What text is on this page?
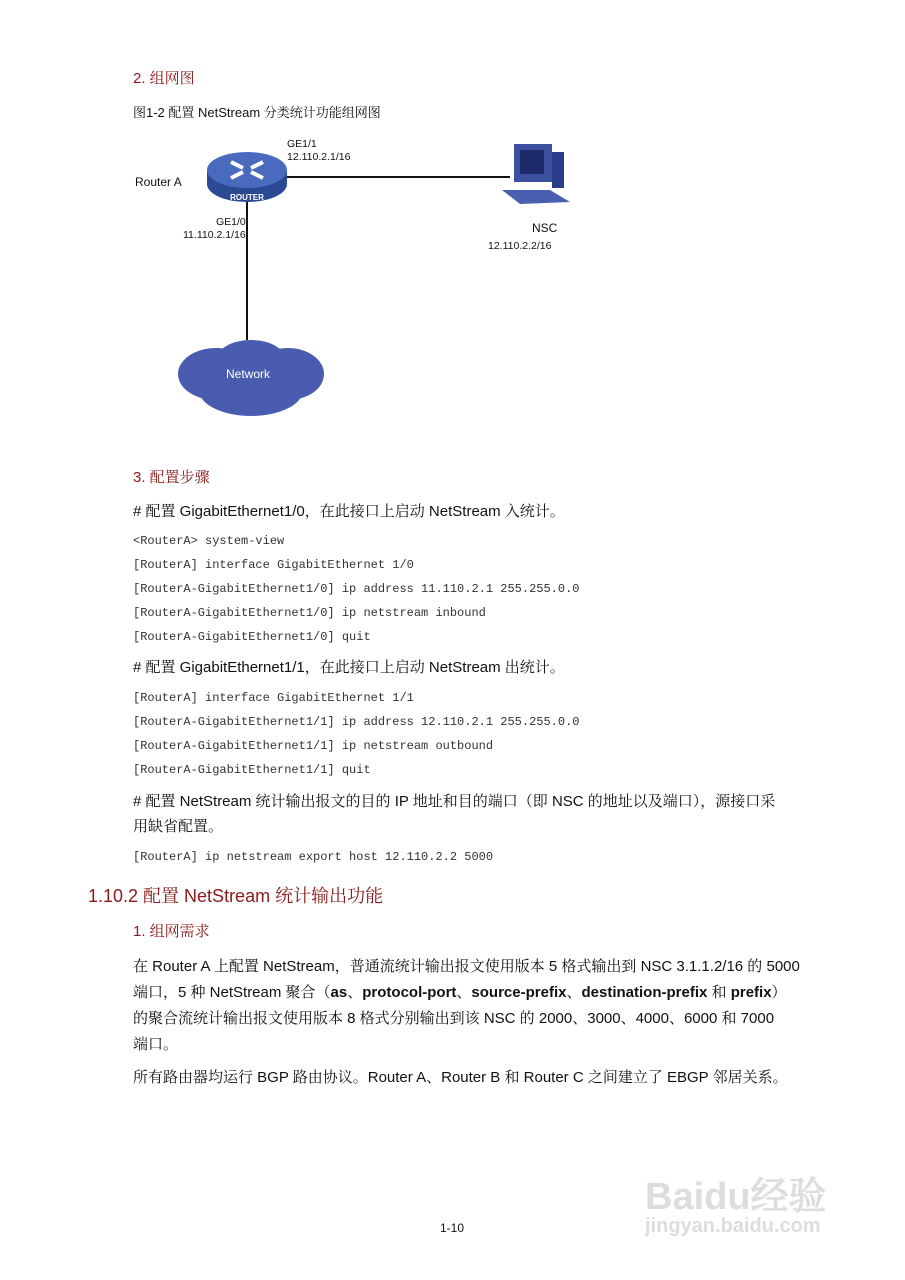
2. 组网图
图1-2 配置 NetStream 分类统计功能组网图
ROUTER
Network
Router A
GE1/1
12.110.2.1/16
GE1/0
11.110.2.1/16	NSC
12.110.2.2/16
3. 配置步骤
# 配置 GigabitEthernet1/0，在此接口上启动 NetStream 入统计。
<RouterA> system-view
[RouterA] interface GigabitEthernet 1/0
[RouterA-GigabitEthernet1/0] ip address 11.110.2.1 255.255.0.0
[RouterA-GigabitEthernet1/0] ip netstream inbound
[RouterA-GigabitEthernet1/0] quit
# 配置 GigabitEthernet1/1，在此接口上启动 NetStream 出统计。
[RouterA] interface GigabitEthernet 1/1
[RouterA-GigabitEthernet1/1] ip address 12.110.2.1 255.255.0.0
[RouterA-GigabitEthernet1/1] ip netstream outbound
[RouterA-GigabitEthernet1/1] quit
# 配置 NetStream 统计输出报文的目的 IP 地址和目的端口（即 NSC 的地址以及端口），源接口采
用缺省配置。
[RouterA] ip netstream export host 12.110.2.2 5000
1.10.2 配置 NetStream 统计输出功能
1. 组网需求
在 Router A 上配置 NetStream，普通流统计输出报文使用版本 5 格式输出到 NSC 3.1.1.2/16 的 5000
端口，5 种 NetStream 聚合（as、protocol-port、source-prefix、destination-prefix 和 prefix）
的聚合流统计输出报文使用版本 8 格式分别输出到该 NSC 的 2000、3000、4000、6000 和 7000
端口。
所有路由器均运行 BGP 路由协议。Router A、Router B 和 Router C 之间建立了 EBGP 邻居关系。
1-10
Baidu经验
jingyan.baidu.com
